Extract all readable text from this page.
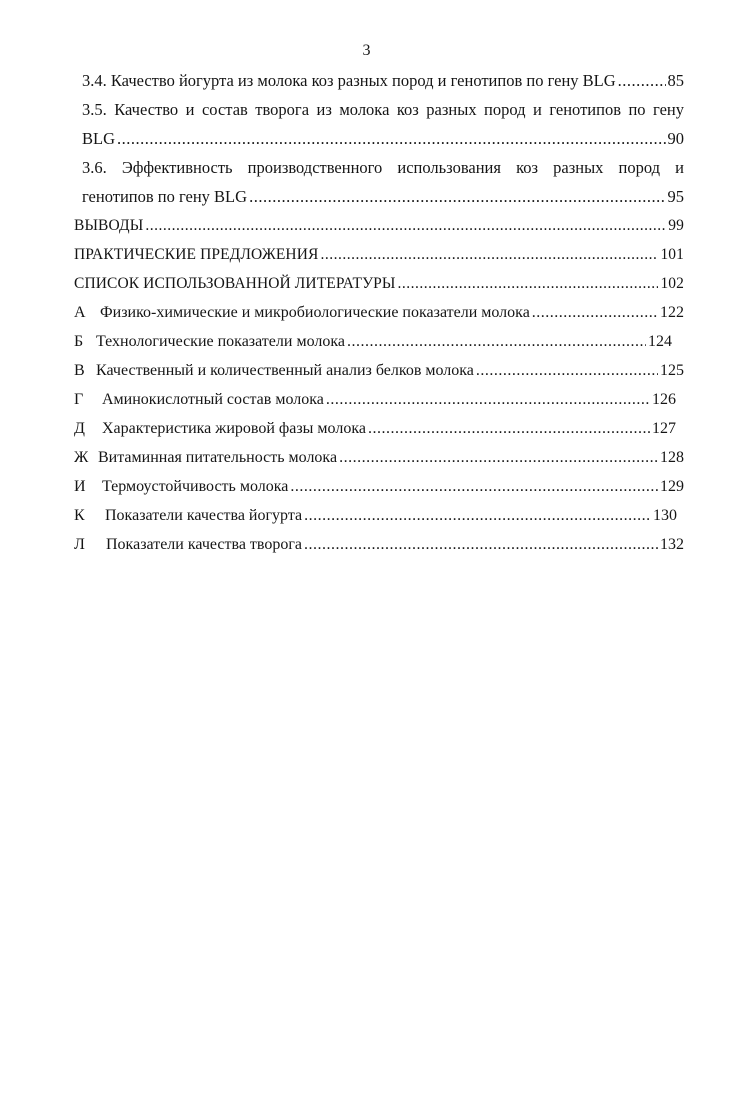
3
3.4. Качество йогурта из молока коз разных пород и генотипов по гену BLG .....	85
3.5. Качество и состав творога из молока коз разных пород и генотипов по гену
BLG .....	90
3.6. Эффективность производственного использования коз разных пород и
генотипов по гену BLG .....	95
ВЫВОДЫ .....	99
ПРАКТИЧЕСКИЕ ПРЕДЛОЖЕНИЯ .....	101
СПИСОК ИСПОЛЬЗОВАННОЙ ЛИТЕРАТУРЫ .....	102
А Физико-химические и микробиологические показатели молока .....	122
Б Технологические показатели молока .....	124
В Качественный и количественный анализ белков молока .....	125
Г	Аминокислотный состав молока .....	126
Д	Характеристика жировой фазы молока .....	127
Ж Витаминная питательность молока .....	128
И	Термоустойчивость молока .....	129
К	Показатели качества йогурта .....	130
Л	Показатели качества творога .....	132
